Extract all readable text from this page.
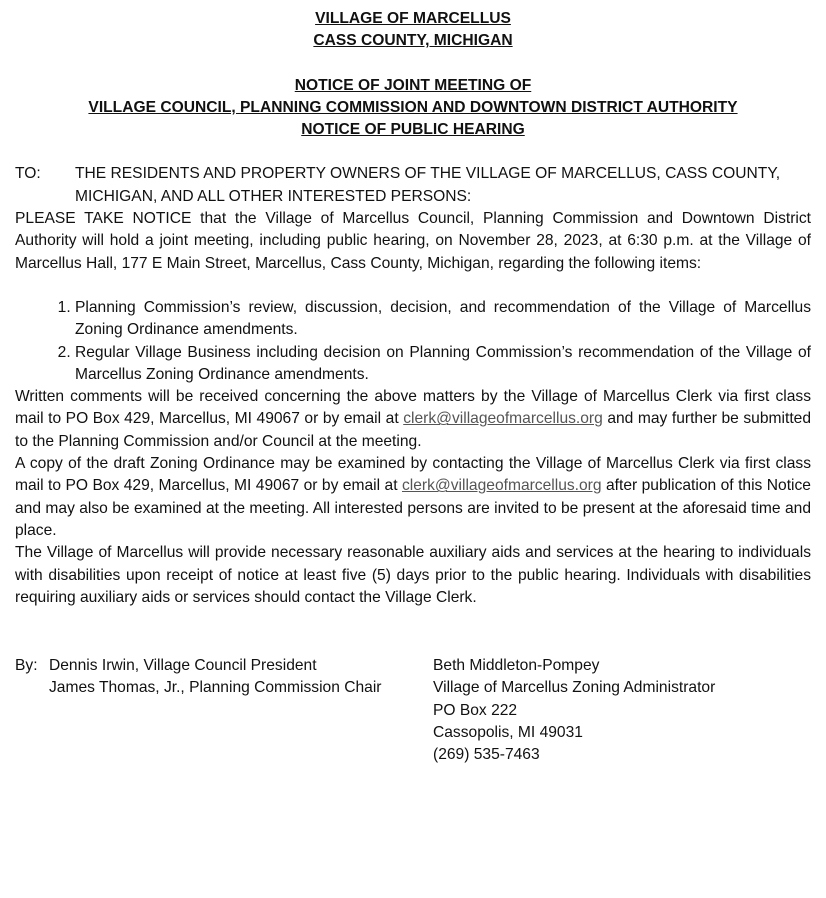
VILLAGE OF MARCELLUS
CASS COUNTY, MICHIGAN
NOTICE OF JOINT MEETING OF
VILLAGE COUNCIL, PLANNING COMMISSION AND DOWNTOWN DISTRICT AUTHORITY
NOTICE OF PUBLIC HEARING
TO:	THE RESIDENTS AND PROPERTY OWNERS OF THE VILLAGE OF MARCELLUS, CASS COUNTY, MICHIGAN, AND ALL OTHER INTERESTED PERSONS:

PLEASE TAKE NOTICE that the Village of Marcellus Council, Planning Commission and Downtown District Authority will hold a joint meeting, including public hearing, on November 28, 2023, at 6:30 p.m. at the Village of Marcellus Hall, 177 E Main Street, Marcellus, Cass County, Michigan, regarding the following items:

1. Planning Commission’s review, discussion, decision, and recommendation of the Village of Marcellus Zoning Ordinance amendments.
2. Regular Village Business including decision on Planning Commission’s recommendation of the Village of Marcellus Zoning Ordinance amendments.

Written comments will be received concerning the above matters by the Village of Marcellus Clerk via first class mail to PO Box 429, Marcellus, MI 49067 or by email at clerk@villageofmarcellus.org and may further be submitted to the Planning Commission and/or Council at the meeting.

A copy of the draft Zoning Ordinance may be examined by contacting the Village of Marcellus Clerk via first class mail to PO Box 429, Marcellus, MI 49067 or by email at clerk@villageofmarcellus.org after publication of this Notice and may also be examined at the meeting. All interested persons are invited to be present at the aforesaid time and place.

The Village of Marcellus will provide necessary reasonable auxiliary aids and services at the hearing to individuals with disabilities upon receipt of notice at least five (5) days prior to the public hearing. Individuals with disabilities requiring auxiliary aids or services should contact the Village Clerk.

By: Dennis Irwin, Village Council President
James Thomas, Jr., Planning Commission Chair
Beth Middleton-Pompey
Village of Marcellus Zoning Administrator
PO Box 222
Cassopolis, MI 49031
(269) 535-7463
